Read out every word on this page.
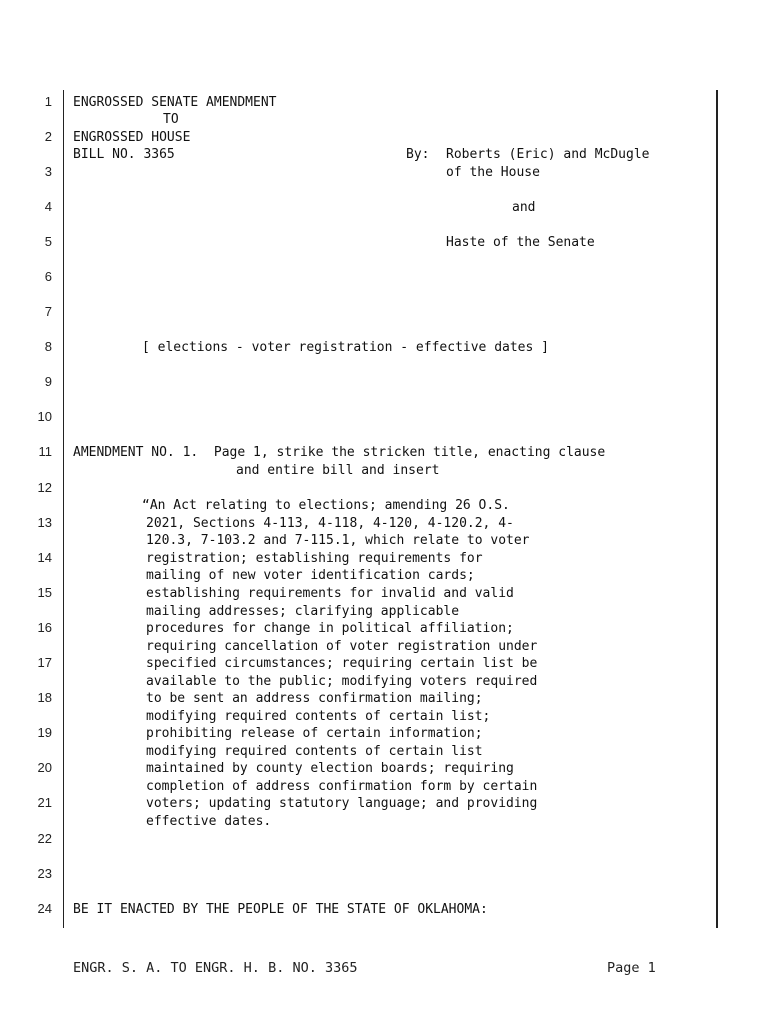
1
2
3
4
5
6
7
8
9
10
11
12
13
14
15
16
17
18
19
20
21
22
23
24
ENGROSSED SENATE AMENDMENT
TO
ENGROSSED HOUSE
BILL NO. 3365	By: Roberts (Eric) and McDugle
of the House
and
Haste of the Senate
[ elections - voter registration - effective dates ]
AMENDMENT NO. 1.  Page 1, strike the stricken title, enacting clause
and entire bill and insert
“An Act relating to elections; amending 26 O.S.
2021, Sections 4-113, 4-118, 4-120, 4-120.2, 4-
120.3, 7-103.2 and 7-115.1, which relate to voter
registration; establishing requirements for
mailing of new voter identification cards;
establishing requirements for invalid and valid
mailing addresses; clarifying applicable
procedures for change in political affiliation;
requiring cancellation of voter registration under
specified circumstances; requiring certain list be
available to the public; modifying voters required
to be sent an address confirmation mailing;
modifying required contents of certain list;
prohibiting release of certain information;
modifying required contents of certain list
maintained by county election boards; requiring
completion of address confirmation form by certain
voters; updating statutory language; and providing
effective dates.
BE IT ENACTED BY THE PEOPLE OF THE STATE OF OKLAHOMA:
ENGR. S. A. TO ENGR. H. B. NO. 3365	Page 1
